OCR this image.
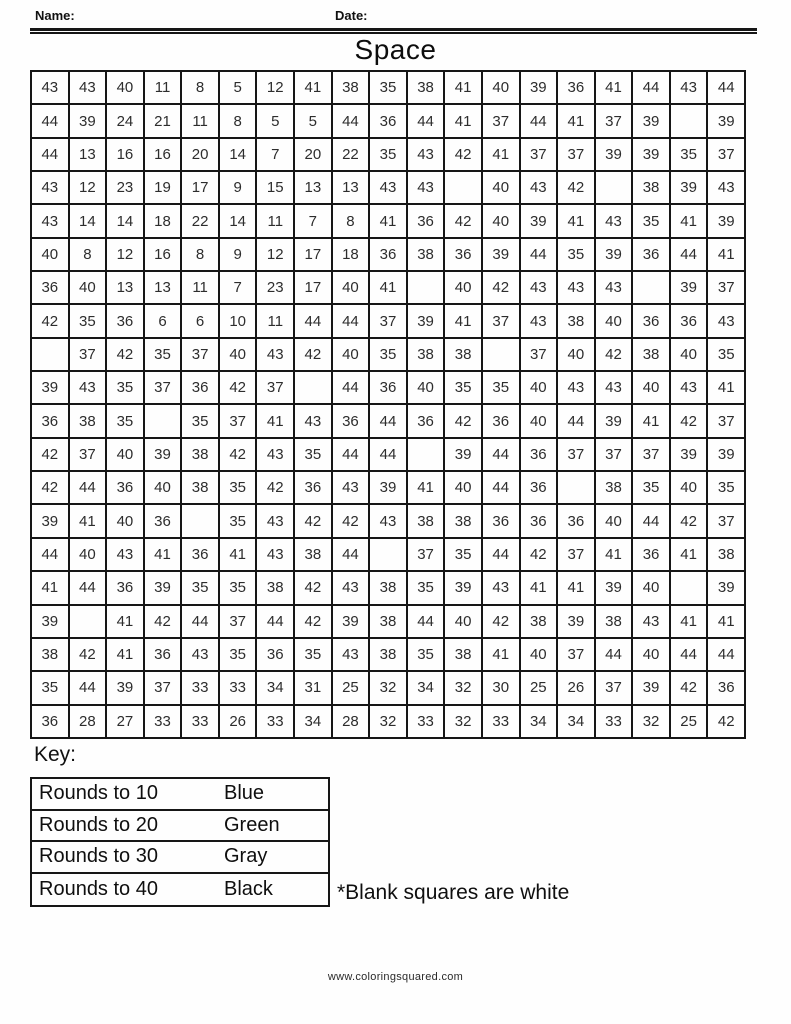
Name:	Date:
Space
43	43	40	11	8	5	12	41	38	35	38	41	40	39	36	41	44	43	44
44	39	24	21	11	8	5	5	44	36	44	41	37	44	41	37	39		39
44	13	16	16	20	14	7	20	22	35	43	42	41	37	37	39	39	35	37
43	12	23	19	17	9	15	13	13	43	43		40	43	42		38	39	43
43	14	14	18	22	14	11	7	8	41	36	42	40	39	41	43	35	41	39
40	8	12	16	8	9	12	17	18	36	38	36	39	44	35	39	36	44	41
36	40	13	13	11	7	23	17	40	41		40	42	43	43	43		39	37
42	35	36	6	6	10	11	44	44	37	39	41	37	43	38	40	36	36	43
	37	42	35	37	40	43	42	40	35	38	38		37	40	42	38	40	35
39	43	35	37	36	42	37		44	36	40	35	35	40	43	43	40	43	41
36	38	35		35	37	41	43	36	44	36	42	36	40	44	39	41	42	37
42	37	40	39	38	42	43	35	44	44		39	44	36	37	37	37	39	39
42	44	36	40	38	35	42	36	43	39	41	40	44	36		38	35	40	35
39	41	40	36		35	43	42	42	43	38	38	36	36	36	40	44	42	37
44	40	43	41	36	41	43	38	44		37	35	44	42	37	41	36	41	38
41	44	36	39	35	35	38	42	43	38	35	39	43	41	41	39	40		39
39		41	42	44	37	44	42	39	38	44	40	42	38	39	38	43	41	41
38	42	41	36	43	35	36	35	43	38	35	38	41	40	37	44	40	44	44
35	44	39	37	33	33	34	31	25	32	34	32	30	25	26	37	39	42	36
36	28	27	33	33	26	33	34	28	32	33	32	33	34	34	33	32	25	42
Key:
Rounds to 10	Blue
Rounds to 20	Green
Rounds to 30	Gray
Rounds to 40	Black	*Blank squares are white
www.coloringsquared.com
